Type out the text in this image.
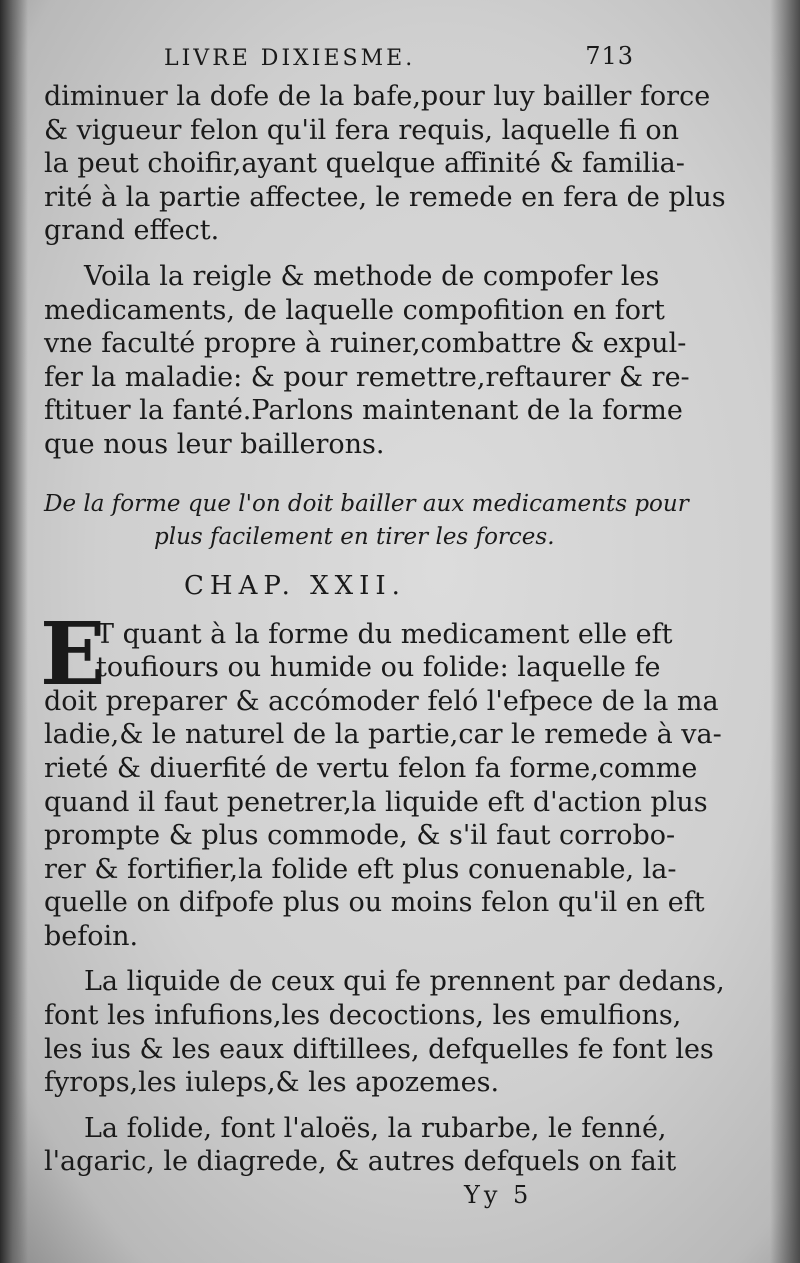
LIVRE DIXIESME.	713
diminuer la dofe de la bafe,pour luy bailler force
& vigueur felon qu'il fera requis, laquelle fi on
la peut choifir,ayant quelque affinité & familia-
rité à la partie affectee, le remede en fera de plus
grand effect.
Voila la reigle & methode de compofer les
medicaments, de laquelle compofition en fort
vne faculté propre à ruiner,combattre & expul-
fer la maladie: & pour remettre,reftaurer & re-
ftituer la fanté.Parlons maintenant de la forme
que nous leur baillerons.
De la forme que l'on doit bailler aux medicaments pour
plus facilement en tirer les forces.
CHAP. XXII.
E
T quant à la forme du medicament elle eft
toufiours ou humide ou folide: laquelle fe
doit preparer & accómoder feló l'efpece de la ma
ladie,& le naturel de la partie,car le remede à va-
rieté & diuerfité de vertu felon fa forme,comme
quand il faut penetrer,la liquide eft d'action plus
prompte & plus commode, & s'il faut corrobo-
rer & fortifier,la folide eft plus conuenable, la-
quelle on difpofe plus ou moins felon qu'il en eft
befoin.
La liquide de ceux qui fe prennent par dedans,
font les infufions,les decoctions, les emulfions,
les ius & les eaux diftillees, defquelles fe font les
fyrops,les iuleps,& les apozemes.
La folide, font l'aloës, la rubarbe, le fenné,
l'agaric, le diagrede, & autres defquels on fait
Yy 5
